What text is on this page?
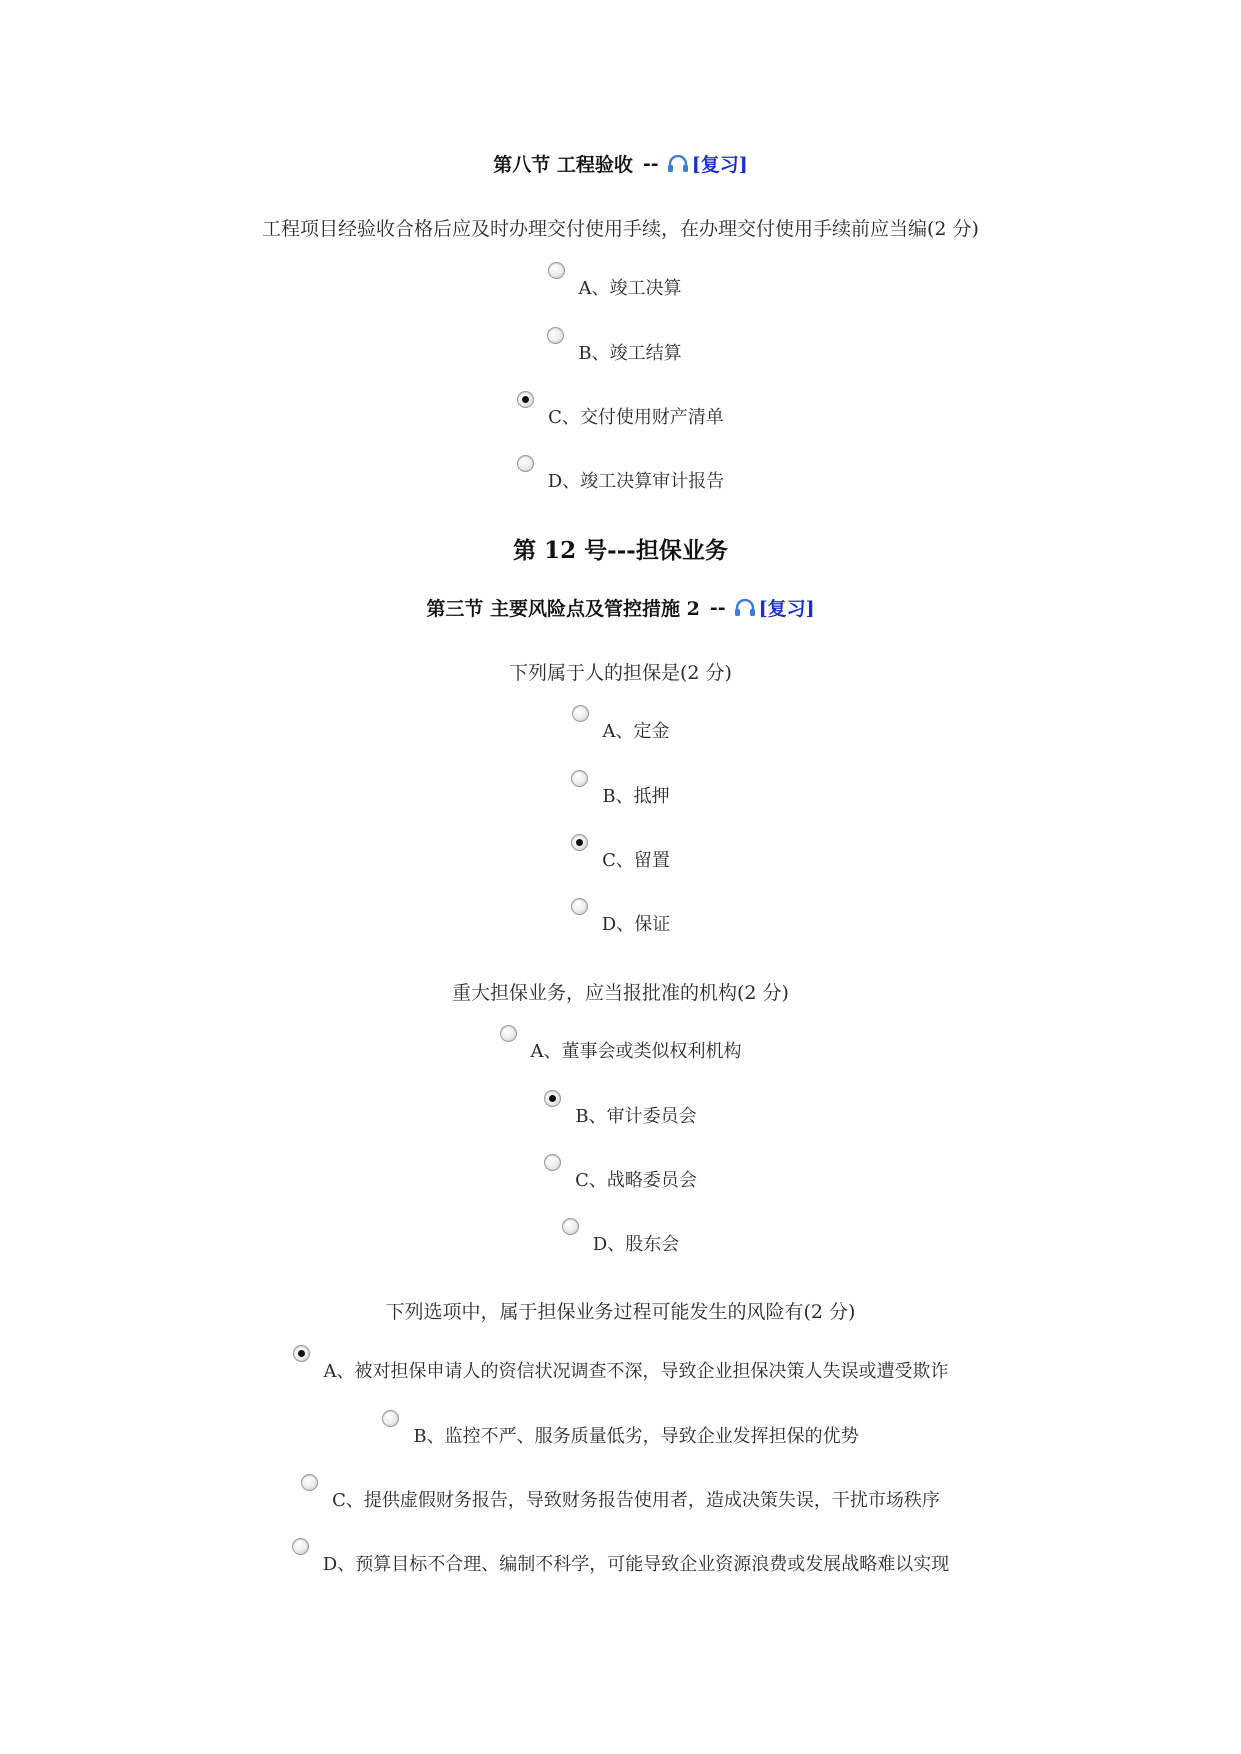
第八节 工程验收 -- [复习]
工程项目经验收合格后应及时办理交付使用手续，在办理交付使用手续前应当编(2 分)
A、竣工决算
B、竣工结算
C、交付使用财产清单
D、竣工决算审计报告
第 12 号---担保业务
第三节 主要风险点及管控措施 2 -- [复习]
下列属于人的担保是(2 分)
A、定金
B、抵押
C、留置
D、保证
重大担保业务，应当报批准的机构(2 分)
A、董事会或类似权利机构
B、审计委员会
C、战略委员会
D、股东会
下列选项中，属于担保业务过程可能发生的风险有(2 分)
A、被对担保申请人的资信状况调查不深，导致企业担保决策人失误或遭受欺诈
B、监控不严、服务质量低劣，导致企业发挥担保的优势
C、提供虚假财务报告，导致财务报告使用者，造成决策失误，干扰市场秩序
D、预算目标不合理、编制不科学，可能导致企业资源浪费或发展战略难以实现
